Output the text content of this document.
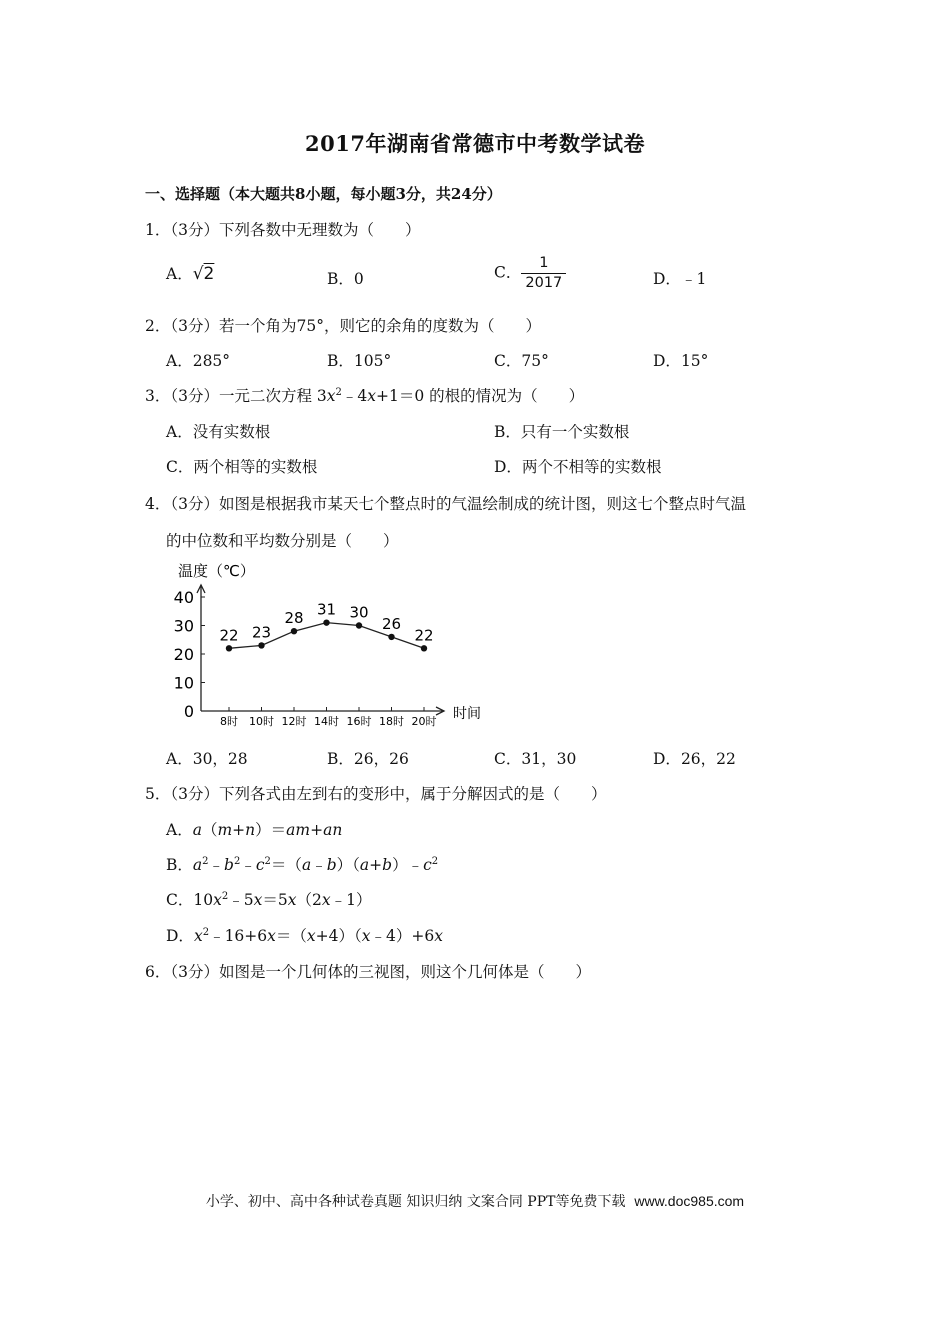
2017年湖南省常德市中考数学试卷
一、选择题（本大题共8小题，每小题3分，共24分）
1．（3分）下列各数中无理数为（　　）
A．√2	B．0	C． $\frac{1}{2017}$	D．﹣1
2．（3分）若一个角为75°，则它的余角的度数为（　　）
A．285°	B．105°	C．75°	D．15°
3．（3分）一元二次方程 $3x^2﹣4x+1=0$ 的根的情况为（　　）
A．没有实数根	B．只有一个实数根
C．两个相等的实数根	D．两个不相等的实数根
4．（3分）如图是根据我市某天七个整点时的气温绘制成的统计图，则这七个整点时气温
的中位数和平均数分别是（　　）
温度（℃）
0
10
20
30
40
8时 10时 12时 14时 16时 18时 20时
22 23
28 31 30
26
22
时间
A．30，28	B．26，26	C．31，30	D．26，22
5．（3分）下列各式由左到右的变形中，属于分解因式的是（　　）
A．a（m+n）＝am+an
B．$a^2﹣b^2﹣c^2=(a﹣b)(a+b)﹣c^2$
C．$10x^2﹣5x=5x(2x﹣1)$
D．$x^2﹣16+6x=(x+4)(x﹣4)+6x$
6．（3分）如图是一个几何体的三视图，则这个几何体是（　　）
小学、初中、高中各种试卷真题 知识归纳 文案合同 PPT等免费下载 www.doc985.com
